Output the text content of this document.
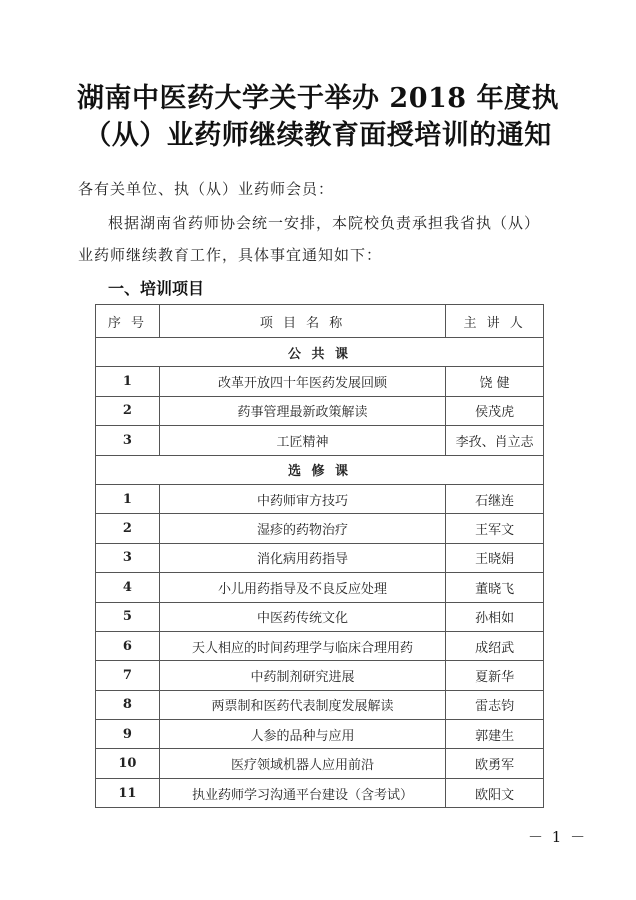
湖南中医药大学关于举办 2018 年度执
（从）业药师继续教育面授培训的通知
各有关单位、执（从）业药师会员：
根据湖南省药师协会统一安排，本院校负责承担我省执（从）
业药师继续教育工作，具体事宜通知如下：
一、培训项目
序 号	项 目 名 称	主 讲 人
公 共 课		
1	改革开放四十年医药发展回顾	饶 健
2	药事管理最新政策解读	侯茂虎
3	工匠精神	李孜、肖立志
选 修 课		
1	中药师审方技巧	石继连
2	湿疹的药物治疗	王军文
3	消化病用药指导	王晓娟
4	小儿用药指导及不良反应处理	董晓飞
5	中医药传统文化	孙相如
6	天人相应的时间药理学与临床合理用药	成绍武
7	中药制剂研究进展	夏新华
8	两票制和医药代表制度发展解读	雷志钧
9	人参的品种与应用	郭建生
10	医疗领域机器人应用前沿	欧勇军
11	执业药师学习沟通平台建设（含考试）	欧阳文
－ 1 －
